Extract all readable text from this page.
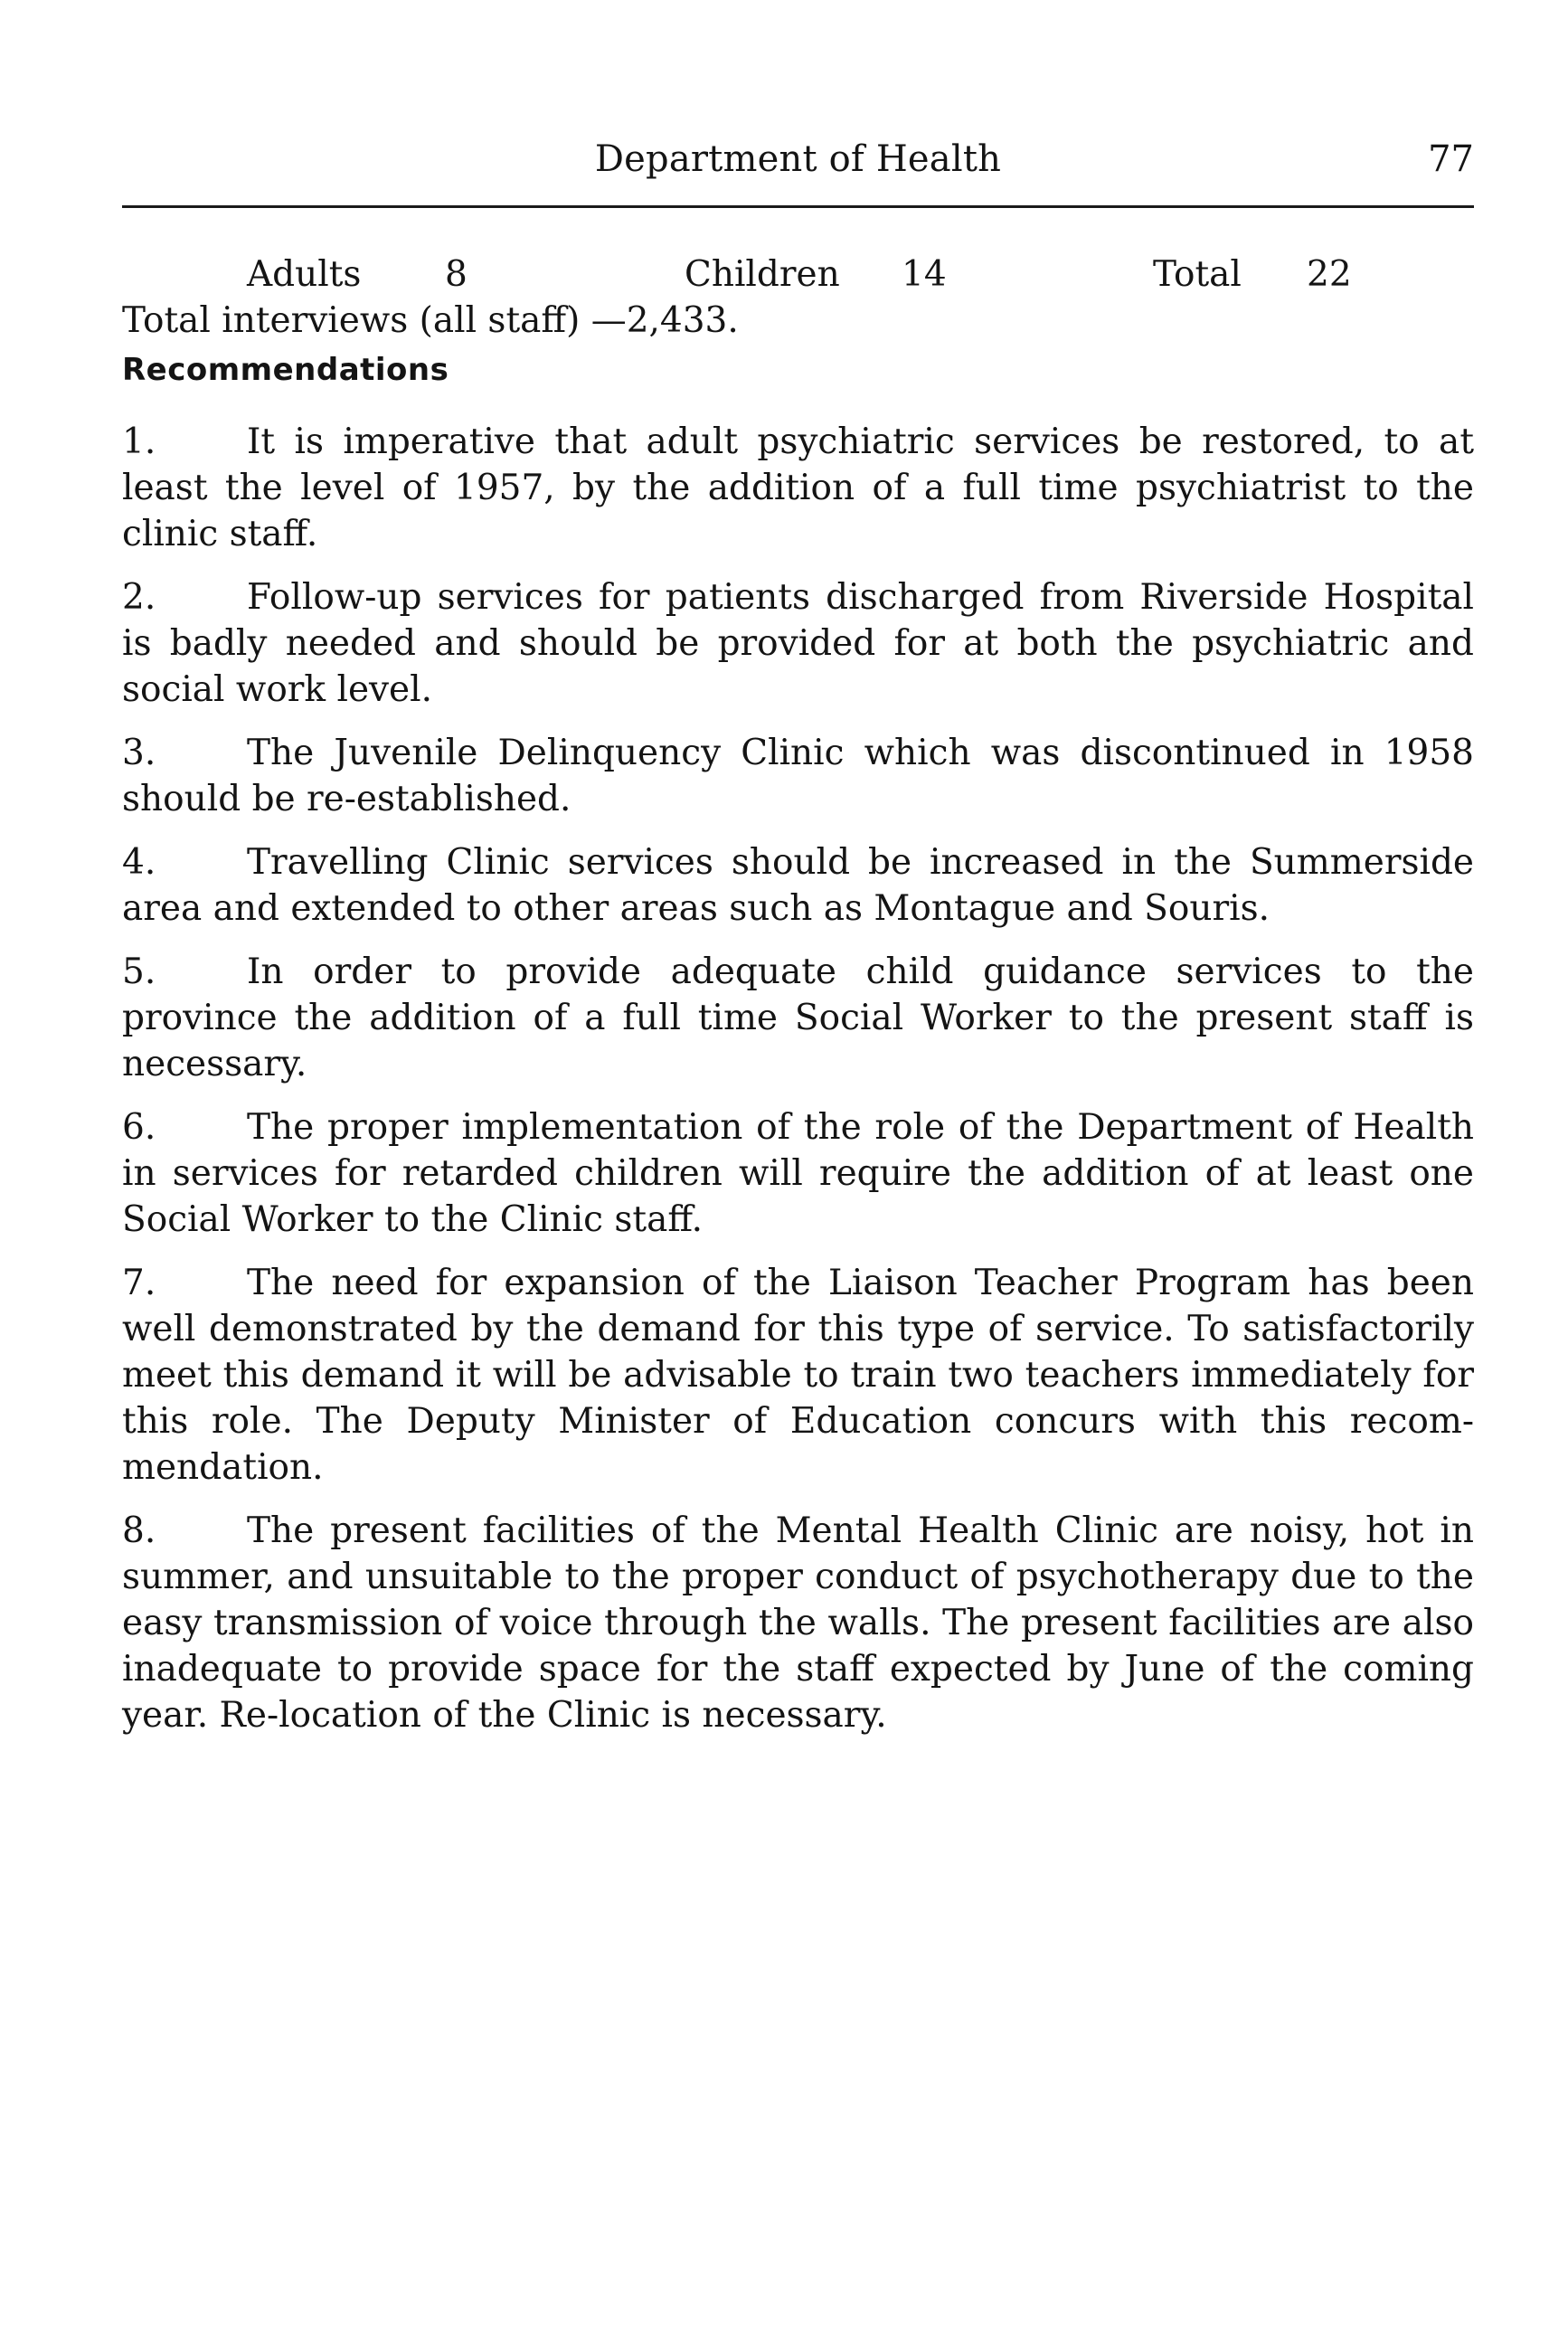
Department of Health	77
Adults 8	Children 14	Total 22
Total interviews (all staff) —2,433.
Recommendations
1.	It is imperative that adult psychiatric services be restored, to at least the level of 1957, by the addition of a full time psychiatrist to the clinic staff.
2.	Follow-up services for patients discharged from Riverside Hospital is badly needed and should be provided for at both the psychiatric and social work level.
3.	The Juvenile Delinquency Clinic which was discontinued in 1958 should be re-established.
4.	Travelling Clinic services should be increased in the Summerside area and extended to other areas such as Montague and Souris.
5.	In order to provide adequate child guidance services to the province the addition of a full time Social Worker to the present staff is necessary.
6.	The proper implementation of the role of the Department of Health in services for retarded children will require the addition of at least one Social Worker to the Clinic staff.
7.	The need for expansion of the Liaison Teacher Program has been well demonstrated by the demand for this type of service. To satisfactorily meet this demand it will be advisable to train two teachers immediately for this role. The Deputy Minister of Education concurs with this recommendation.
8.	The present facilities of the Mental Health Clinic are noisy, hot in summer, and unsuitable to the proper conduct of psychotherapy due to the easy transmission of voice through the walls. The present facilities are also inadequate to provide space for the staff expected by June of the coming year. Re-location of the Clinic is necessary.
